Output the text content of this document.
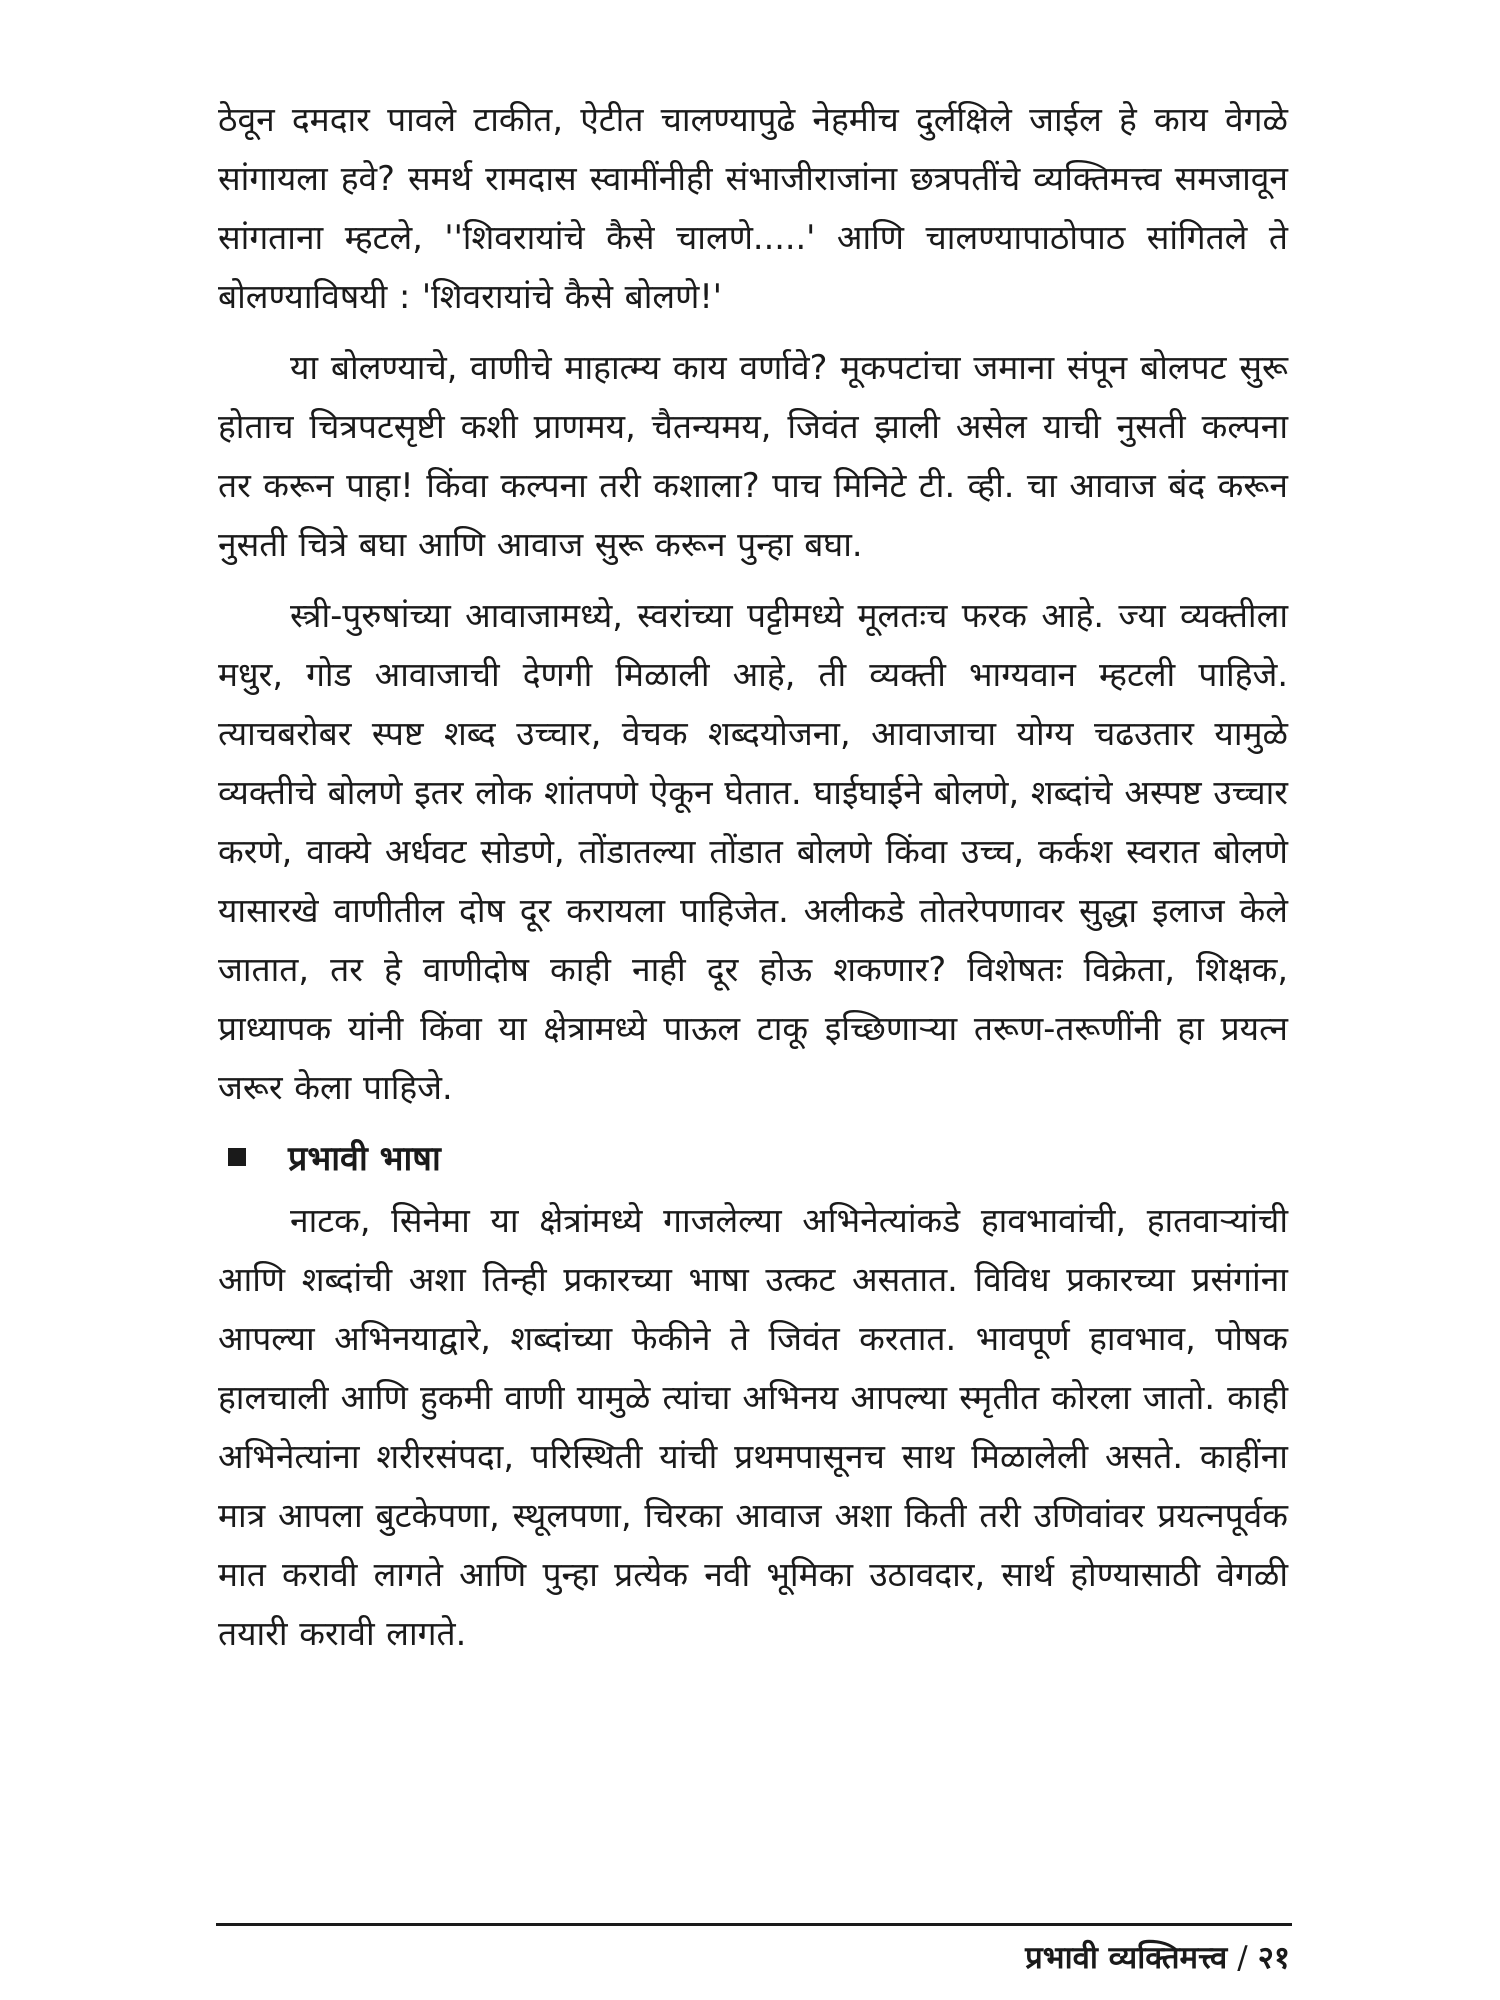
ठेवून दमदार पावले टाकीत, ऐटीत चालण्यापुढे नेहमीच दुर्लक्षिले जाईल हे काय वेगळे सांगायला हवे? समर्थ रामदास स्वामींनीही संभाजीराजांना छत्रपतींचे व्यक्तिमत्त्व समजावून सांगताना म्हटले, ''शिवरायांचे कैसे चालणे.....' आणि चालण्यापाठोपाठ सांगितले ते बोलण्याविषयी : 'शिवरायांचे कैसे बोलणे!'

या बोलण्याचे, वाणीचे माहात्म्य काय वर्णावे? मूकपटांचा जमाना संपून बोलपट सुरू होताच चित्रपटसृष्टी कशी प्राणमय, चैतन्यमय, जिवंत झाली असेल याची नुसती कल्पना तर करून पाहा! किंवा कल्पना तरी कशाला? पाच मिनिटे टी. व्ही. चा आवाज बंद करून नुसती चित्रे बघा आणि आवाज सुरू करून पुन्हा बघा.

स्त्री-पुरुषांच्या आवाजामध्ये, स्वरांच्या पट्टीमध्ये मूलतःच फरक आहे. ज्या व्यक्तीला मधुर, गोड आवाजाची देणगी मिळाली आहे, ती व्यक्ती भाग्यवान म्हटली पाहिजे. त्याचबरोबर स्पष्ट शब्द उच्चार, वेचक शब्दयोजना, आवाजाचा योग्य चढउतार यामुळे व्यक्तीचे बोलणे इतर लोक शांतपणे ऐकून घेतात. घाईघाईने बोलणे, शब्दांचे अस्पष्ट उच्चार करणे, वाक्ये अर्धवट सोडणे, तोंडातल्या तोंडात बोलणे किंवा उच्च, कर्कश स्वरात बोलणे यासारखे वाणीतील दोष दूर करायला पाहिजेत. अलीकडे तोतरेपणावर सुद्धा इलाज केले जातात, तर हे वाणीदोष काही नाही दूर होऊ शकणार? विशेषतः विक्रेता, शिक्षक, प्राध्यापक यांनी किंवा या क्षेत्रामध्ये पाऊल टाकू इच्छिणाऱ्या तरूण-तरूणींनी हा प्रयत्न जरूर केला पाहिजे.

प्रभावी भाषा

नाटक, सिनेमा या क्षेत्रांमध्ये गाजलेल्या अभिनेत्यांकडे हावभावांची, हातवाऱ्यांची आणि शब्दांची अशा तिन्ही प्रकारच्या भाषा उत्कट असतात. विविध प्रकारच्या प्रसंगांना आपल्या अभिनयाद्वारे, शब्दांच्या फेकीने ते जिवंत करतात. भावपूर्ण हावभाव, पोषक हालचाली आणि हुकमी वाणी यामुळे त्यांचा अभिनय आपल्या स्मृतीत कोरला जातो. काही अभिनेत्यांना शरीरसंपदा, परिस्थिती यांची प्रथमपासूनच साथ मिळालेली असते. काहींना मात्र आपला बुटकेपणा, स्थूलपणा, चिरका आवाज अशा किती तरी उणिवांवर प्रयत्नपूर्वक मात करावी लागते आणि पुन्हा प्रत्येक नवी भूमिका उठावदार, सार्थ होण्यासाठी वेगळी तयारी करावी लागते.

प्रभावी व्यक्तिमत्त्व / २१
